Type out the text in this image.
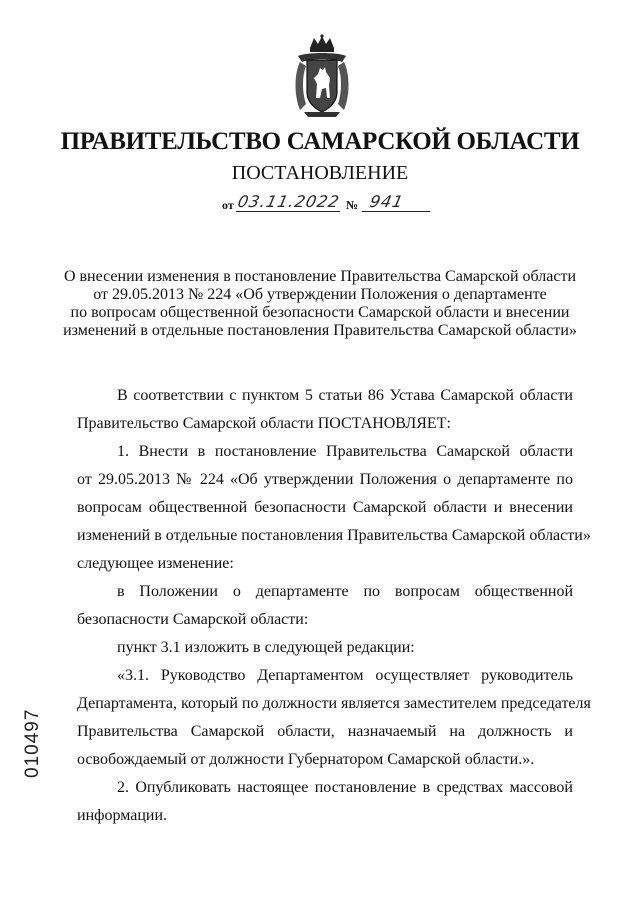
ПРАВИТЕЛЬСТВО САМАРСКОЙ ОБЛАСТИ
ПОСТАНОВЛЕНИЕ
от 03.11.2022 № 941
О внесении изменения в постановление Правительства Самарской области
от 29.05.2013 № 224 «Об утверждении Положения о департаменте
по вопросам общественной безопасности Самарской области и внесении
изменений в отдельные постановления Правительства Самарской области»
В соответствии с пунктом 5 статьи 86 Устава Самарской области
Правительство Самарской области ПОСТАНОВЛЯЕТ:
1. Внести в постановление Правительства Самарской области
от 29.05.2013 № 224 «Об утверждении Положения о департаменте по
вопросам общественной безопасности Самарской области и внесении
изменений в отдельные постановления Правительства Самарской области»
следующее изменение:
в Положении о департаменте по вопросам общественной
безопасности Самарской области:
пункт 3.1 изложить в следующей редакции:
«3.1. Руководство Департаментом осуществляет руководитель
Департамента, который по должности является заместителем председателя
Правительства Самарской области, назначаемый на должность и
освобождаемый от должности Губернатором Самарской области.».
2. Опубликовать настоящее постановление в средствах массовой
информации.
010497
